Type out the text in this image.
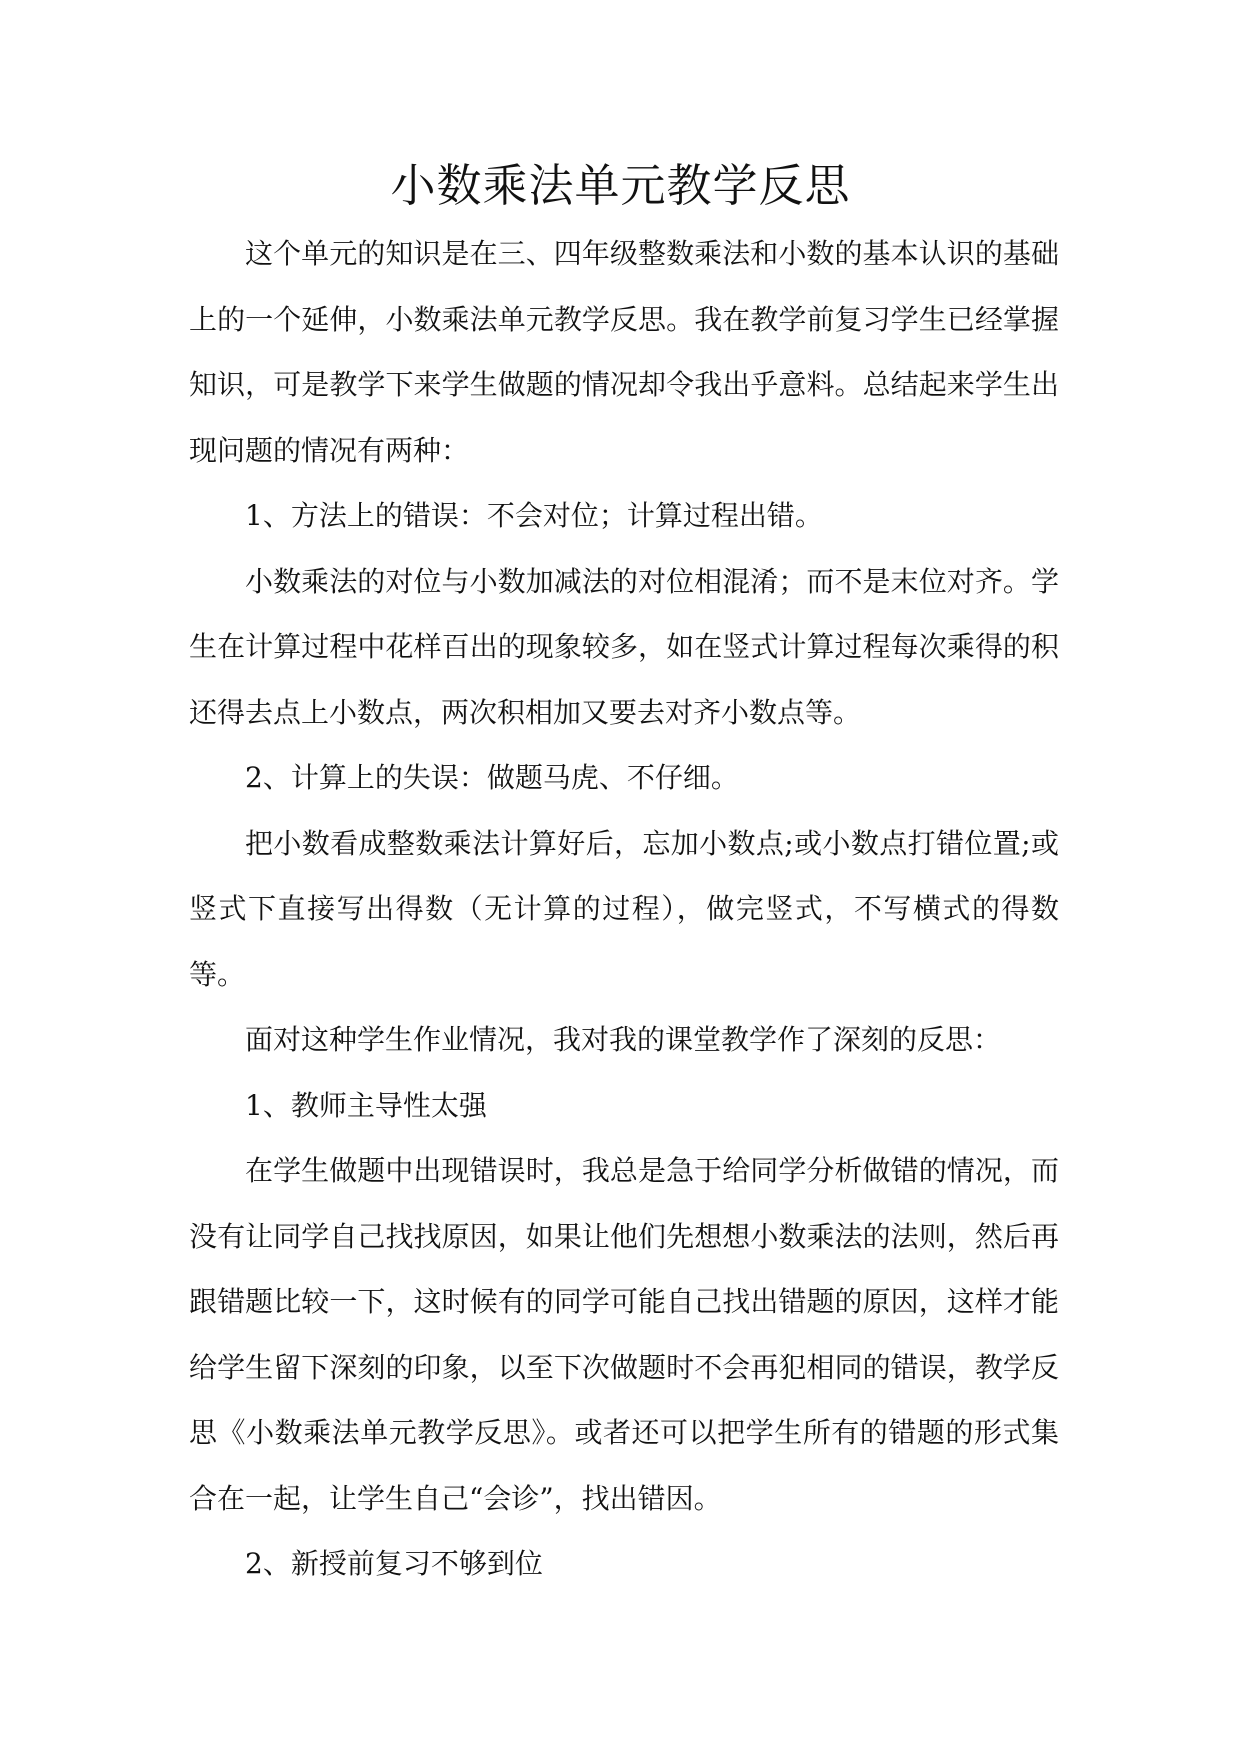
小数乘法单元教学反思

这个单元的知识是在三、四年级整数乘法和小数的基本认识的基础上的一个延伸，小数乘法单元教学反思。我在教学前复习学生已经掌握知识，可是教学下来学生做题的情况却令我出乎意料。总结起来学生出现问题的情况有两种：

1、方法上的错误：不会对位；计算过程出错。

小数乘法的对位与小数加减法的对位相混淆；而不是末位对齐。学生在计算过程中花样百出的现象较多，如在竖式计算过程每次乘得的积还得去点上小数点，两次积相加又要去对齐小数点等。

2、计算上的失误：做题马虎、不仔细。

把小数看成整数乘法计算好后，忘加小数点;或小数点打错位置;或竖式下直接写出得数（无计算的过程），做完竖式，不写横式的得数等。

面对这种学生作业情况，我对我的课堂教学作了深刻的反思：

1、教师主导性太强

在学生做题中出现错误时，我总是急于给同学分析做错的情况，而没有让同学自己找找原因，如果让他们先想想小数乘法的法则，然后再跟错题比较一下，这时候有的同学可能自己找出错题的原因，这样才能给学生留下深刻的印象，以至下次做题时不会再犯相同的错误，教学反思《小数乘法单元教学反思》。或者还可以把学生所有的错题的形式集合在一起，让学生自己“会诊”，找出错因。

2、新授前复习不够到位
